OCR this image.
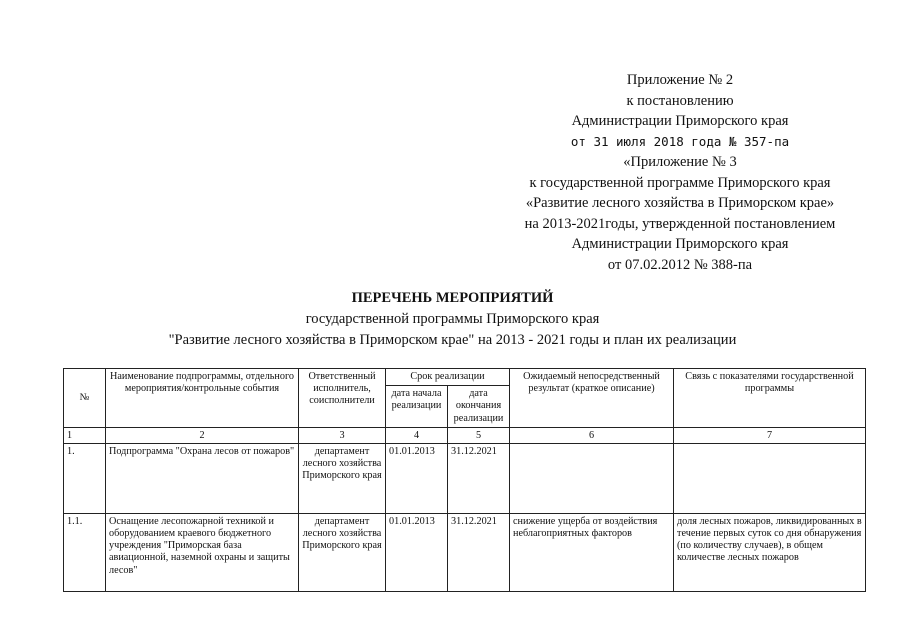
Приложение № 2
к постановлению
Администрации Приморского края
от 31 июля 2018 года № 357-па
«Приложение № 3
к государственной программе Приморского края
«Развитие лесного хозяйства в Приморском крае»
на 2013-2021годы, утвержденной постановлением
Администрации Приморского края
от 07.02.2012 № 388-па
ПЕРЕЧЕНЬ МЕРОПРИЯТИЙ
государственной программы Приморского края
"Развитие лесного хозяйства в Приморском крае" на 2013 - 2021 годы и план их реализации
№	Наименование подпрограммы, отдельного мероприятия/контрольные события	Ответственный исполнитель, соисполнители	Срок реализации		Ожидаемый непосредственный результат (краткое описание)	Связь с показателями государственной программы
			дата начала реализации	дата окончания реализации		
1	2	3	4	5	6	7
1.	Подпрограмма "Охрана лесов от пожаров"	департамент лесного хозяйства Приморского края	01.01.2013	31.12.2021		
1.1.	Оснащение лесопожарной техникой и оборудованием краевого бюджетного учреждения "Приморская база авиационной, наземной охраны и защиты лесов"	департамент лесного хозяйства Приморского края	01.01.2013	31.12.2021	снижение ущерба от воздействия неблагоприятных факторов	доля лесных пожаров, ликвидированных в течение первых суток со дня обнаружения (по количеству случаев), в общем количестве лесных пожаров
